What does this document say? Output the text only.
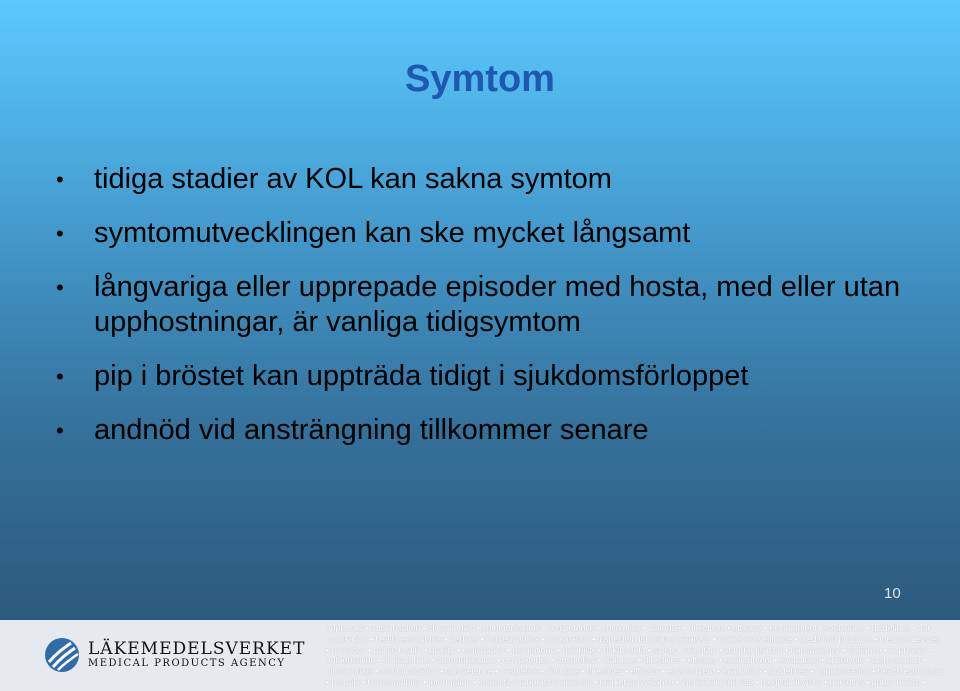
Symtom
•	tidiga stadier av KOL kan sakna symtom
•	symtomutvecklingen kan ske mycket långsamt
•	långvariga eller upprepade episoder med hosta, med eller utan upphostningar, är vanliga tidigsymtom
•	pip i bröstet kan uppträda tidigt i sjukdomsförloppet
•	andnöd vid ansträngning tillkommer senare
10
LÄKEMEDELSVERKET
MEDICAL PRODUCTS AGENCY
approvals • authorisation • clinical trials • communication • competence • cosmetics • dialogue • directives • efficacy • environment • evaluation • guidelines • har
monisation • health economics • herbals • homeopathics • information • inspection laboratory analysis • market surveillance • medicinal products • medical devices
• narcotics • public health • quality • registration • regulations • reliability • risk/benefit • safety • scientific • standardisation • transparency • vigilance • approvals •
authorisation • clinical trials • communication • competence • cosmetics • dialogue • directives • efficacy • environment • evaluation • approvals • authorisation •
clinical trials • communication • competence • cosmetics • dialogue • directives • efficacy • environment • evaluation • guidelines • harmonisation • health economics
• herbals • homeopathics • information • inspection laboratory analysis • market surveillance • medicinal products • medical devices • narcotics • public health •
